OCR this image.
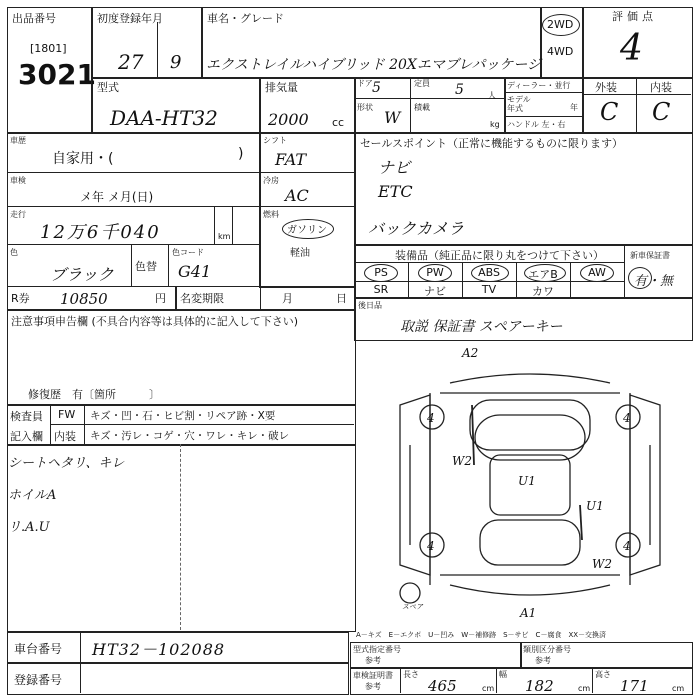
出品番号
[1801]
3021
初度登録年月
27 9
車名・グレード
エクストレイルハイブリッド 20Xエマブレパッケージ
2WD
4WD
評価点
4
型式
DAA-HT32
排気量
2000 cc
ドア 5	定員 5	人
形状
W
積載
kg
ディーラー・並行
モデル年式	年
ハンドル 左・右
外装	内装
C C
車歴
自家用・(	)
車検
メ年 メ月(日)
走行
12万6千040	km
色
ブラック 色替
色コード
G41
シフト
FAT
冷房
AC
燃料
ガソリン
軽油
R券 10850	円 名変期限	月	日
セールスポイント（正常に機能するものに限ります）
ナビ
ETC
バックカメラ
装備品（純正品に限り丸をつけて下さい）	新車保証書
有・無
PS	PW	ABS	エアB	AW
SR	ナビ	TV	カワ
注意事項申告欄 (不具合内容等は具体的に記入して下さい)
修復歴　有〔箇所　　　〕
後日品
取説 保証書 スペアーキー
検査員
記入欄
FW キズ・凹・石・ヒビ割・リペア跡・X要
内装 キズ・汚レ・コゲ・穴・ワレ・キレ・破レ
シートヘタリ、キレ
ホイルA
リ.A.U
A2
4	4
W2
U1
U1
W2
4	4
A1
スペア
A－キズ　E－エクボ　U－凹み　W－補修跡　S－サビ　C－腐食　XX－交換済
車台番号 HT32－102088
登録番号
型式指定番号
参考
類別区分番号
参考
車検証明書
参考
長さ
465	cm
幅
182	cm
高さ
171	cm
